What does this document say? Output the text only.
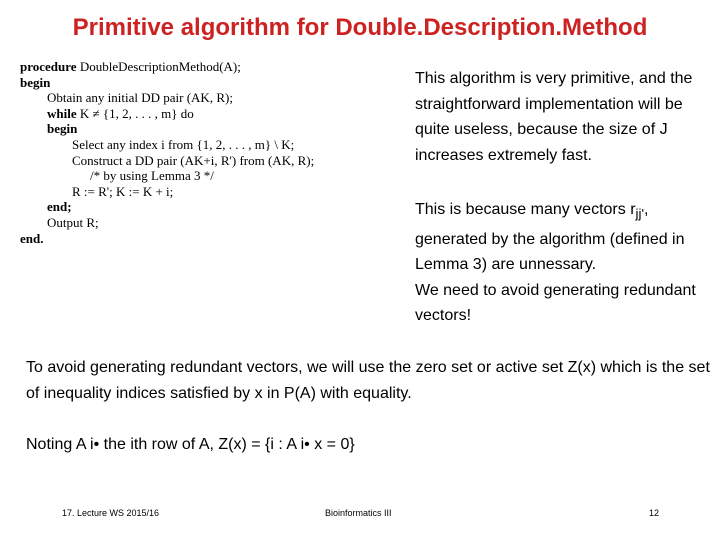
Primitive algorithm for Double.Description.Method
procedure DoubleDescriptionMethod(A);
begin
Obtain any initial DD pair (AK, R);
while K ≠ {1, 2, . . . , m} do
begin
Select any index i from {1, 2, . . . , m} \ K;
Construct a DD pair (AK+i, R') from (AK, R);
/* by using Lemma 3 */
R := R'; K := K + i;
end;
Output R;
end.
This algorithm is very primitive, and the straightforward implementation will be quite useless, because the size of J increases extremely fast.
This is because many vectors $r_{jj'}$, generated by the algorithm (defined in Lemma 3) are unnessary.
We need to avoid generating redundant vectors!
To avoid generating redundant vectors, we will use the zero set or active set Z(x) which is the set of inequality indices satisfied by x in P(A) with equality.
Noting A i• the ith row of A, Z(x) = {i : A i• x = 0}
17. Lecture WS 2015/16	Bioinformatics III	12
